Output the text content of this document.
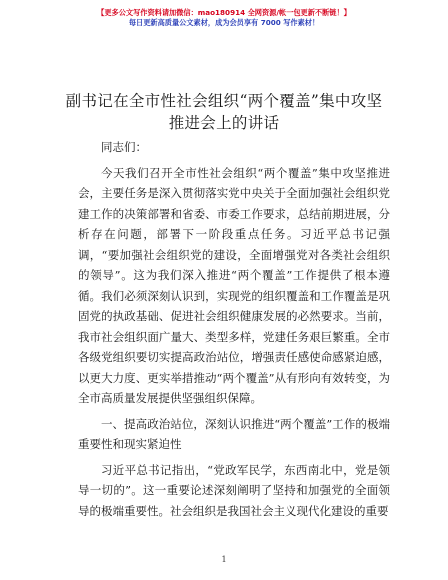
【更多公文写作资料请加微信：mao180914 全网资源/帐一包更新不断链！】
每日更新高质量公文素材，成为会员享有 7000 写作素材！
副书记在全市性社会组织“两个覆盖”集中攻坚推进会上的讲话

同志们：

今天我们召开全市性社会组织“两个覆盖”集中攻坚推进会，主要任务是深入贯彻落实党中央关于全面加强社会组织党建工作的决策部署和省委、市委工作要求，总结前期进展，分析存在问题，部署下一阶段重点任务。习近平总书记强调，“要加强社会组织党的建设，全面增强党对各类社会组织的领导”。这为我们深入推进“两个覆盖”工作提供了根本遵循。我们必须深刻认识到，实现党的组织覆盖和工作覆盖是巩固党的执政基础、促进社会组织健康发展的必然要求。当前，我市社会组织面广量大、类型多样，党建任务艰巨繁重。全市各级党组织要切实提高政治站位，增强责任感使命感紧迫感，以更大力度、更实举措推动“两个覆盖”从有形向有效转变，为全市高质量发展提供坚强组织保障。

一、提高政治站位，深刻认识推进“两个覆盖”工作的极端重要性和现实紧迫性

习近平总书记指出，“党政军民学，东西南北中，党是领导一切的”。这一重要论述深刻阐明了坚持和加强党的全面领导的极端重要性。社会组织是我国社会主义现代化建设的重要

1
